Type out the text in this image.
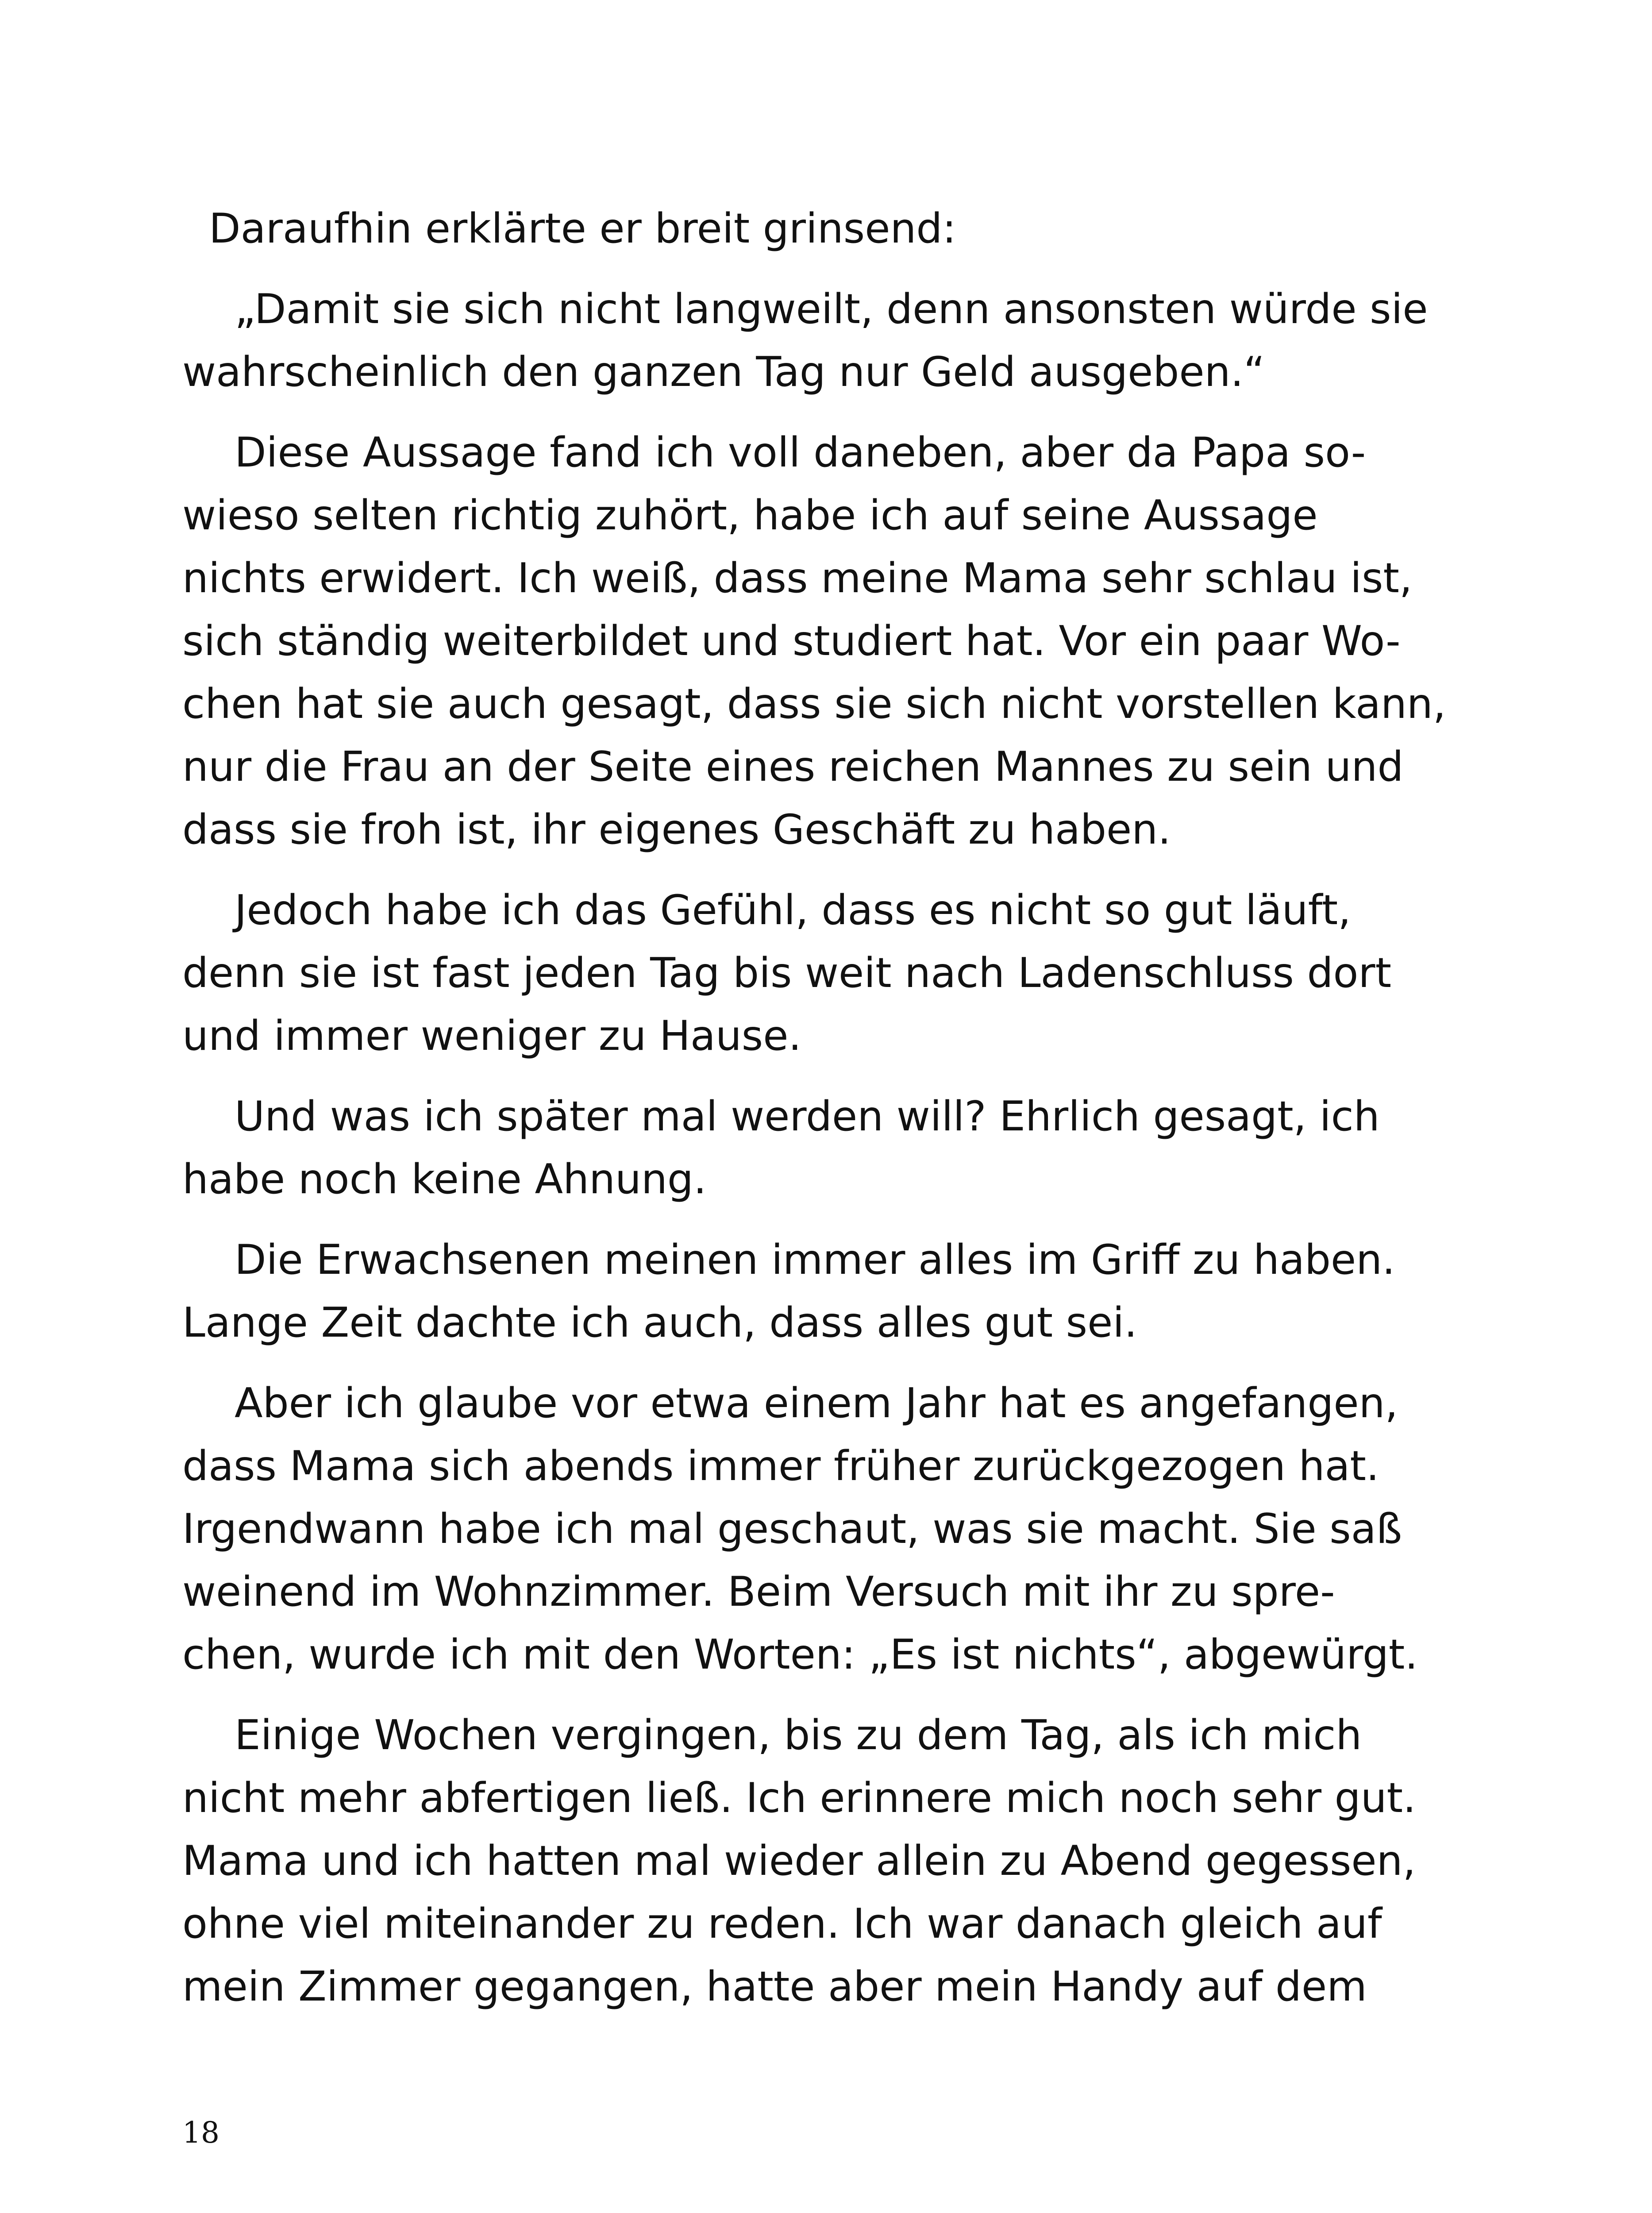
Daraufhin erklärte er breit grinsend:

„Damit sie sich nicht langweilt, denn ansonsten würde sie
wahrscheinlich den ganzen Tag nur Geld ausgeben.“

Diese Aussage fand ich voll daneben, aber da Papa so-
wieso selten richtig zuhört, habe ich auf seine Aussage
nichts erwidert. Ich weiß, dass meine Mama sehr schlau ist,
sich ständig weiterbildet und studiert hat. Vor ein paar Wo-
chen hat sie auch gesagt, dass sie sich nicht vorstellen kann,
nur die Frau an der Seite eines reichen Mannes zu sein und
dass sie froh ist, ihr eigenes Geschäft zu haben.

Jedoch habe ich das Gefühl, dass es nicht so gut läuft,
denn sie ist fast jeden Tag bis weit nach Ladenschluss dort
und immer weniger zu Hause.

Und was ich später mal werden will? Ehrlich gesagt, ich
habe noch keine Ahnung.

Die Erwachsenen meinen immer alles im Griff zu haben.
Lange Zeit dachte ich auch, dass alles gut sei.

Aber ich glaube vor etwa einem Jahr hat es angefangen,
dass Mama sich abends immer früher zurückgezogen hat.
Irgendwann habe ich mal geschaut, was sie macht. Sie saß
weinend im Wohnzimmer. Beim Versuch mit ihr zu spre-
chen, wurde ich mit den Worten: „Es ist nichts“, abgewürgt.

Einige Wochen vergingen, bis zu dem Tag, als ich mich
nicht mehr abfertigen ließ. Ich erinnere mich noch sehr gut.
Mama und ich hatten mal wieder allein zu Abend gegessen,
ohne viel miteinander zu reden. Ich war danach gleich auf
mein Zimmer gegangen, hatte aber mein Handy auf dem

18
